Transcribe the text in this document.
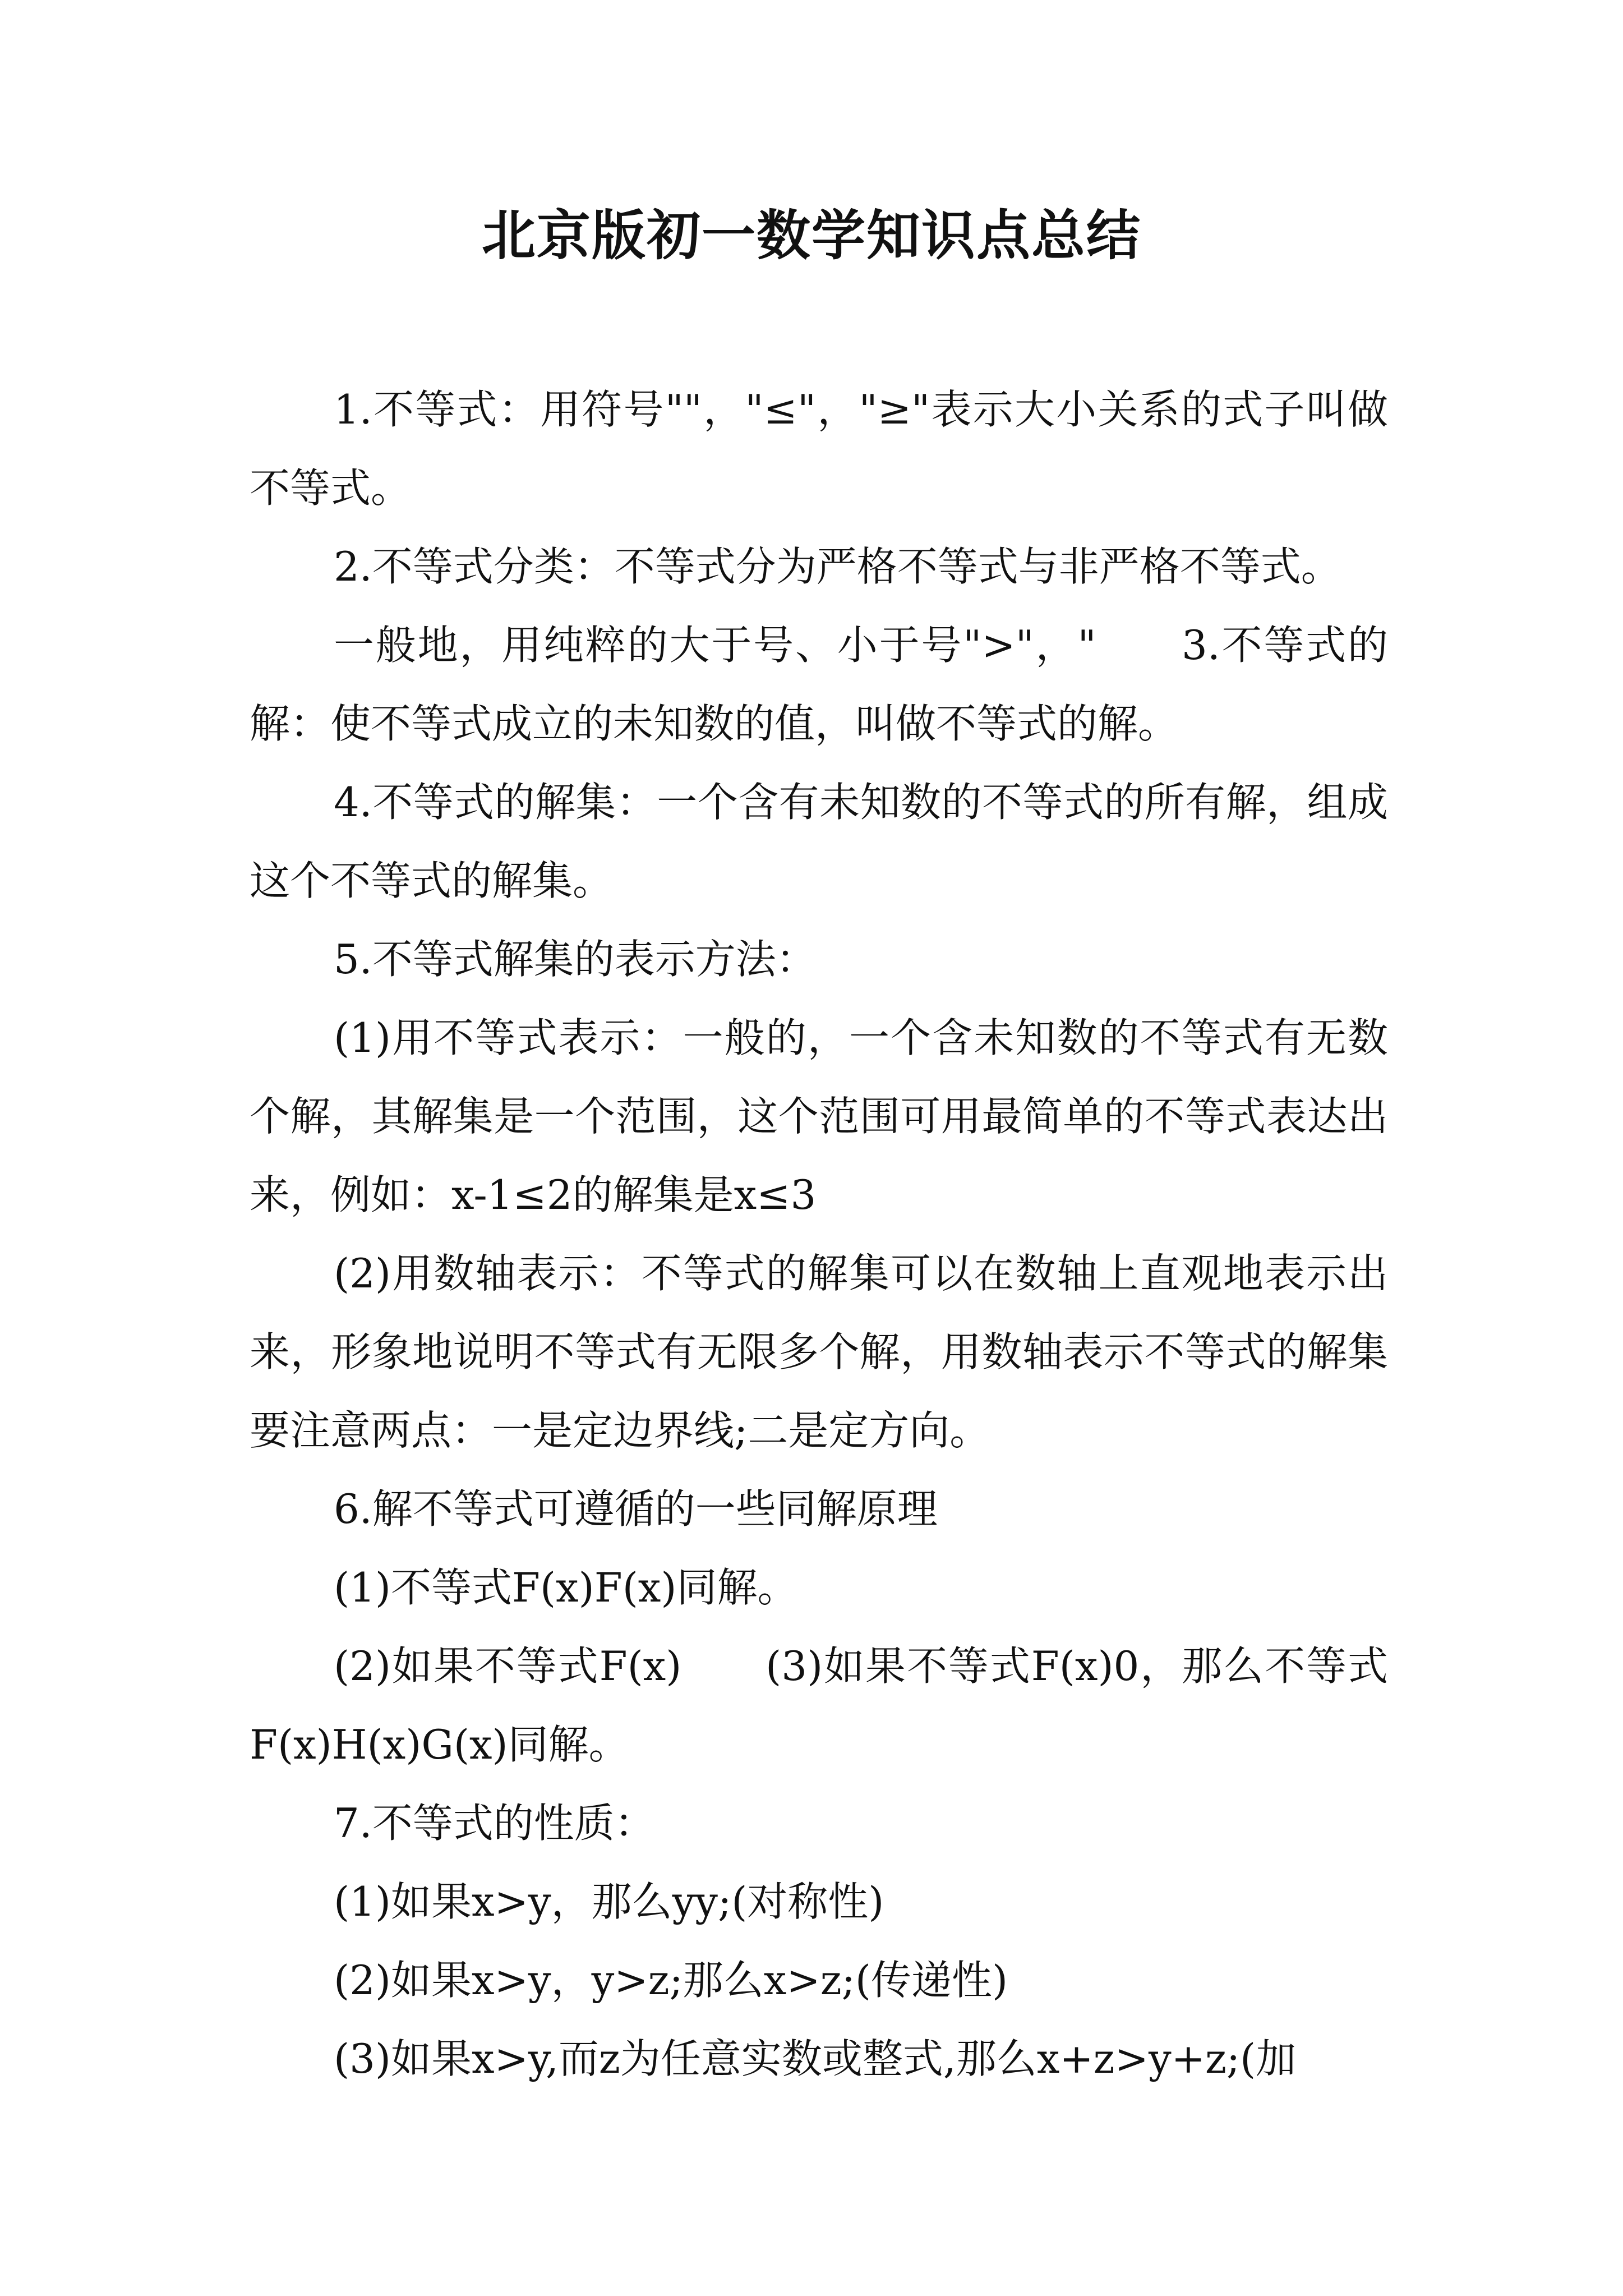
北京版初一数学知识点总结

1.不等式：用符号""，"≤"，"≥"表示大小关系的式子叫做不等式。

2.不等式分类：不等式分为严格不等式与非严格不等式。

一般地，用纯粹的大于号、小于号">"，"　　3.不等式的解：使不等式成立的未知数的值，叫做不等式的解。

4.不等式的解集：一个含有未知数的不等式的所有解，组成这个不等式的解集。

5.不等式解集的表示方法：

(1)用不等式表示：一般的，一个含未知数的不等式有无数个解，其解集是一个范围，这个范围可用最简单的不等式表达出来，例如：x-1≤2的解集是x≤3

(2)用数轴表示：不等式的解集可以在数轴上直观地表示出来，形象地说明不等式有无限多个解，用数轴表示不等式的解集要注意两点：一是定边界线;二是定方向。

6.解不等式可遵循的一些同解原理

(1)不等式F(x)F(x)同解。

(2)如果不等式F(x)　　(3)如果不等式F(x)0，那么不等式F(x)H(x)G(x)同解。

7.不等式的性质：

(1)如果x>y，那么yy;(对称性)

(2)如果x>y，y>z;那么x>z;(传递性)

(3)如果x>y,而z为任意实数或整式,那么x+z>y+z;(加
